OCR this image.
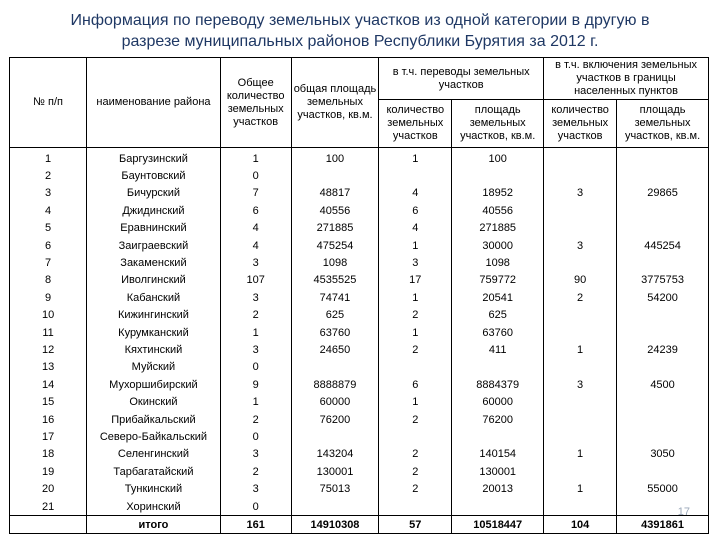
Информация по переводу земельных участков из одной категории в другую в
разрезе муниципальных районов Республики Бурятия за 2012 г.
№ п/п	наименование района	Общее количество земельных участков	общая площадь земельных участков, кв.м.	в т.ч. переводы земельных участков		в т.ч. включения земельных участков в границы населенных пунктов	
				количество земельных участков	площадь земельных участков, кв.м.	количество земельных участков	площадь земельных участков, кв.м.
1	Баргузинский	1	100	1	100		
2	Баунтовский	0					
3	Бичурский	7	48817	4	18952	3	29865
4	Джидинский	6	40556	6	40556		
5	Еравнинский	4	271885	4	271885		
6	Заиграевский	4	475254	1	30000	3	445254
7	Закаменский	3	1098	3	1098		
8	Иволгинский	107	4535525	17	759772	90	3775753
9	Кабанский	3	74741	1	20541	2	54200
10	Кижингинский	2	625	2	625		
11	Курумканский	1	63760	1	63760		
12	Кяхтинский	3	24650	2	411	1	24239
13	Муйский	0					
14	Мухоршибирский	9	8888879	6	8884379	3	4500
15	Окинский	1	60000	1	60000		
16	Прибайкальский	2	76200	2	76200		
17	Северо-Байкальский	0					
18	Селенгинский	3	143204	2	140154	1	3050
19	Тарбагатайский	2	130001	2	130001		
20	Тункинский	3	75013	2	20013	1	55000
21	Хоринский	0					
	итого	161	14910308	57	10518447	104	4391861
17
